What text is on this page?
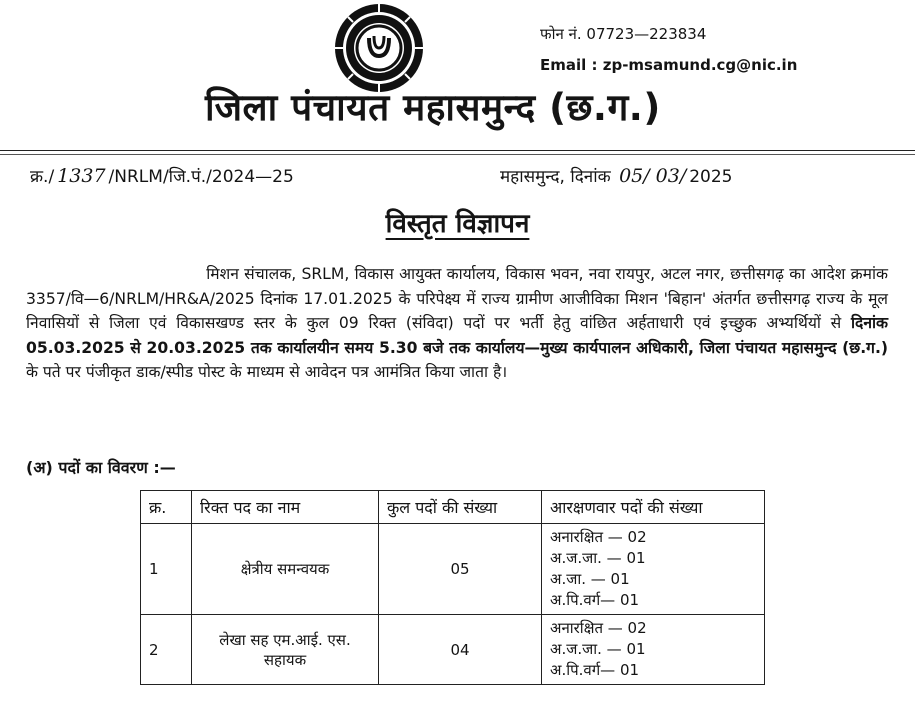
फोन नं. 07723—223834
Email : zp-msamund.cg@nic.in
जिला पंचायत महासमुन्द (छ.ग.)
क्र./ 1337 /NRLM/जि.पं./2024—25	महासमुन्द, दिनांक 05/ 03/ 2025
विस्तृत विज्ञापन
मिशन संचालक, SRLM, विकास आयुक्त कार्यालय, विकास भवन, नवा रायपुर, अटल नगर, छत्तीसगढ़ का आदेश क्रमांक 3357/वि—6/NRLM/HR&A/2025 दिनांक 17.01.2025 के परिपेक्ष्य में राज्य ग्रामीण आजीविका मिशन 'बिहान' अंतर्गत छत्तीसगढ़ राज्य के मूल निवासियों से जिला एवं विकासखण्ड स्तर के कुल 09 रिक्त (संविदा) पदों पर भर्ती हेतु वांछित अर्हताधारी एवं इच्छुक अभ्यर्थियों से दिनांक 05.03.2025 से 20.03.2025 तक कार्यालयीन समय 5.30 बजे तक कार्यालय—मुख्य कार्यपालन अधिकारी, जिला पंचायत महासमुन्द (छ.ग.) के पते पर पंजीकृत डाक/स्पीड पोस्ट के माध्यम से आवेदन पत्र आमंत्रित किया जाता है।
(अ) पदों का विवरण :—
क्र.	रिक्त पद का नाम	कुल पदों की संख्या	आरक्षणवार पदों की संख्या
1	क्षेत्रीय समन्वयक	05	अनारक्षित — 02
अ.ज.जा. — 01
अ.जा. — 01
अ.पि.वर्ग— 01

2	लेखा सह एम.आई. एस. सहायक	04	अनारक्षित — 02
अ.ज.जा. — 01
अ.पि.वर्ग— 01
